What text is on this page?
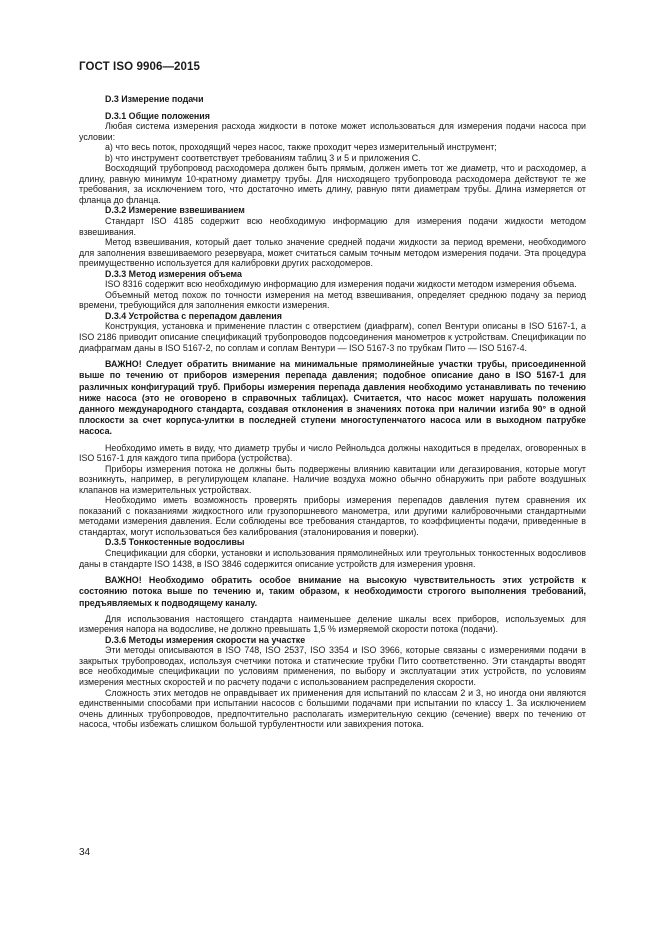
ГОСТ ISO 9906—2015

D.3 Измерение подачи

D.3.1 Общие положения

Любая система измерения расхода жидкости в потоке может использоваться для измерения подачи насоса при условии:

а) что весь поток, проходящий через насос, также проходит через измерительный инструмент;

b) что инструмент соответствует требованиям таблиц 3 и 5 и приложения С.

Восходящий трубопровод расходомера должен быть прямым, должен иметь тот же диаметр, что и расходомер, а длину, равную минимум 10-кратному диаметру трубы. Для нисходящего трубопровода расходомера действуют те же требования, за исключением того, что достаточно иметь длину, равную пяти диаметрам трубы. Длина измеряется от фланца до фланца.

D.3.2 Измерение взвешиванием

Стандарт ISO 4185 содержит всю необходимую информацию для измерения подачи жидкости методом взвешивания.

Метод взвешивания, который дает только значение средней подачи жидкости за период времени, необходимого для заполнения взвешиваемого резервуара, может считаться самым точным методом измерения подачи. Эта процедура преимущественно используется для калибровки других расходомеров.

D.3.3 Метод измерения объема

ISO 8316 содержит всю необходимую информацию для измерения подачи жидкости методом измерения объема.

Объемный метод похож по точности измерения на метод взвешивания, определяет среднюю подачу за период времени, требующийся для заполнения емкости измерения.

D.3.4 Устройства с перепадом давления

Конструкция, установка и применение пластин с отверстием (диафрагм), сопел Вентури описаны в ISO 5167-1, а ISO 2186 приводит описание спецификаций трубопроводов подсоединения манометров к устройствам. Спецификации по диафрагмам даны в ISO 5167-2, по соплам и соплам Вентури — ISO 5167-3 по трубкам Пито — ISO 5167-4.

ВАЖНО! Следует обратить внимание на минимальные прямолинейные участки трубы, присоединенной выше по течению от приборов измерения перепада давления; подобное описание дано в ISO 5167-1 для различных конфигураций труб. Приборы измерения перепада давления необходимо устанавливать по течению ниже насоса (это не оговорено в справочных таблицах). Считается, что насос может нарушать положения данного международного стандарта, создавая отклонения в значениях потока при наличии изгиба 90° в одной плоскости за счет корпуса-улитки в последней ступени многоступенчатого насоса или в выходном патрубке насоса.

Необходимо иметь в виду, что диаметр трубы и число Рейнольдса должны находиться в пределах, оговоренных в ISO 5167-1 для каждого типа прибора (устройства).

Приборы измерения потока не должны быть подвержены влиянию кавитации или дегазирования, которые могут возникнуть, например, в регулирующем клапане. Наличие воздуха можно обычно обнаружить при работе воздушных клапанов на измерительных устройствах.

Необходимо иметь возможность проверять приборы измерения перепадов давления путем сравнения их показаний с показаниями жидкостного или грузопоршневого манометра, или другими калибровочными стандартными методами измерения давления. Если соблюдены все требования стандартов, то коэффициенты подачи, приведенные в стандартах, могут использоваться без калибрования (эталонирования и поверки).

D.3.5 Тонкостенные водосливы

Спецификации для сборки, установки и использования прямолинейных или треугольных тонкостенных водосливов даны в стандарте ISO 1438, в ISO 3846 содержится описание устройств для измерения уровня.

ВАЖНО! Необходимо обратить особое внимание на высокую чувствительность этих устройств к состоянию потока выше по течению и, таким образом, к необходимости строгого выполнения требований, предъявляемых к подводящему каналу.

Для использования настоящего стандарта наименьшее деление шкалы всех приборов, используемых для измерения напора на водосливе, не должно превышать 1,5 % измеряемой скорости потока (подачи).

D.3.6 Методы измерения скорости на участке

Эти методы описываются в ISO 748, ISO 2537, ISO 3354 и ISO 3966, которые связаны с измерениями подачи в закрытых трубопроводах, используя счетчики потока и статические трубки Пито соответственно. Эти стандарты вводят все необходимые спецификации по условиям применения, по выбору и эксплуатации этих устройств, по условиям измерения местных скоростей и по расчету подачи с использованием распределения скорости.

Сложность этих методов не оправдывает их применения для испытаний по классам 2 и 3, но иногда они являются единственными способами при испытании насосов с большими подачами при испытании по классу 1. За исключением очень длинных трубопроводов, предпочтительно располагать измерительную секцию (сечение) вверх по течению от насоса, чтобы избежать слишком большой турбулентности или завихрения потока.

34
